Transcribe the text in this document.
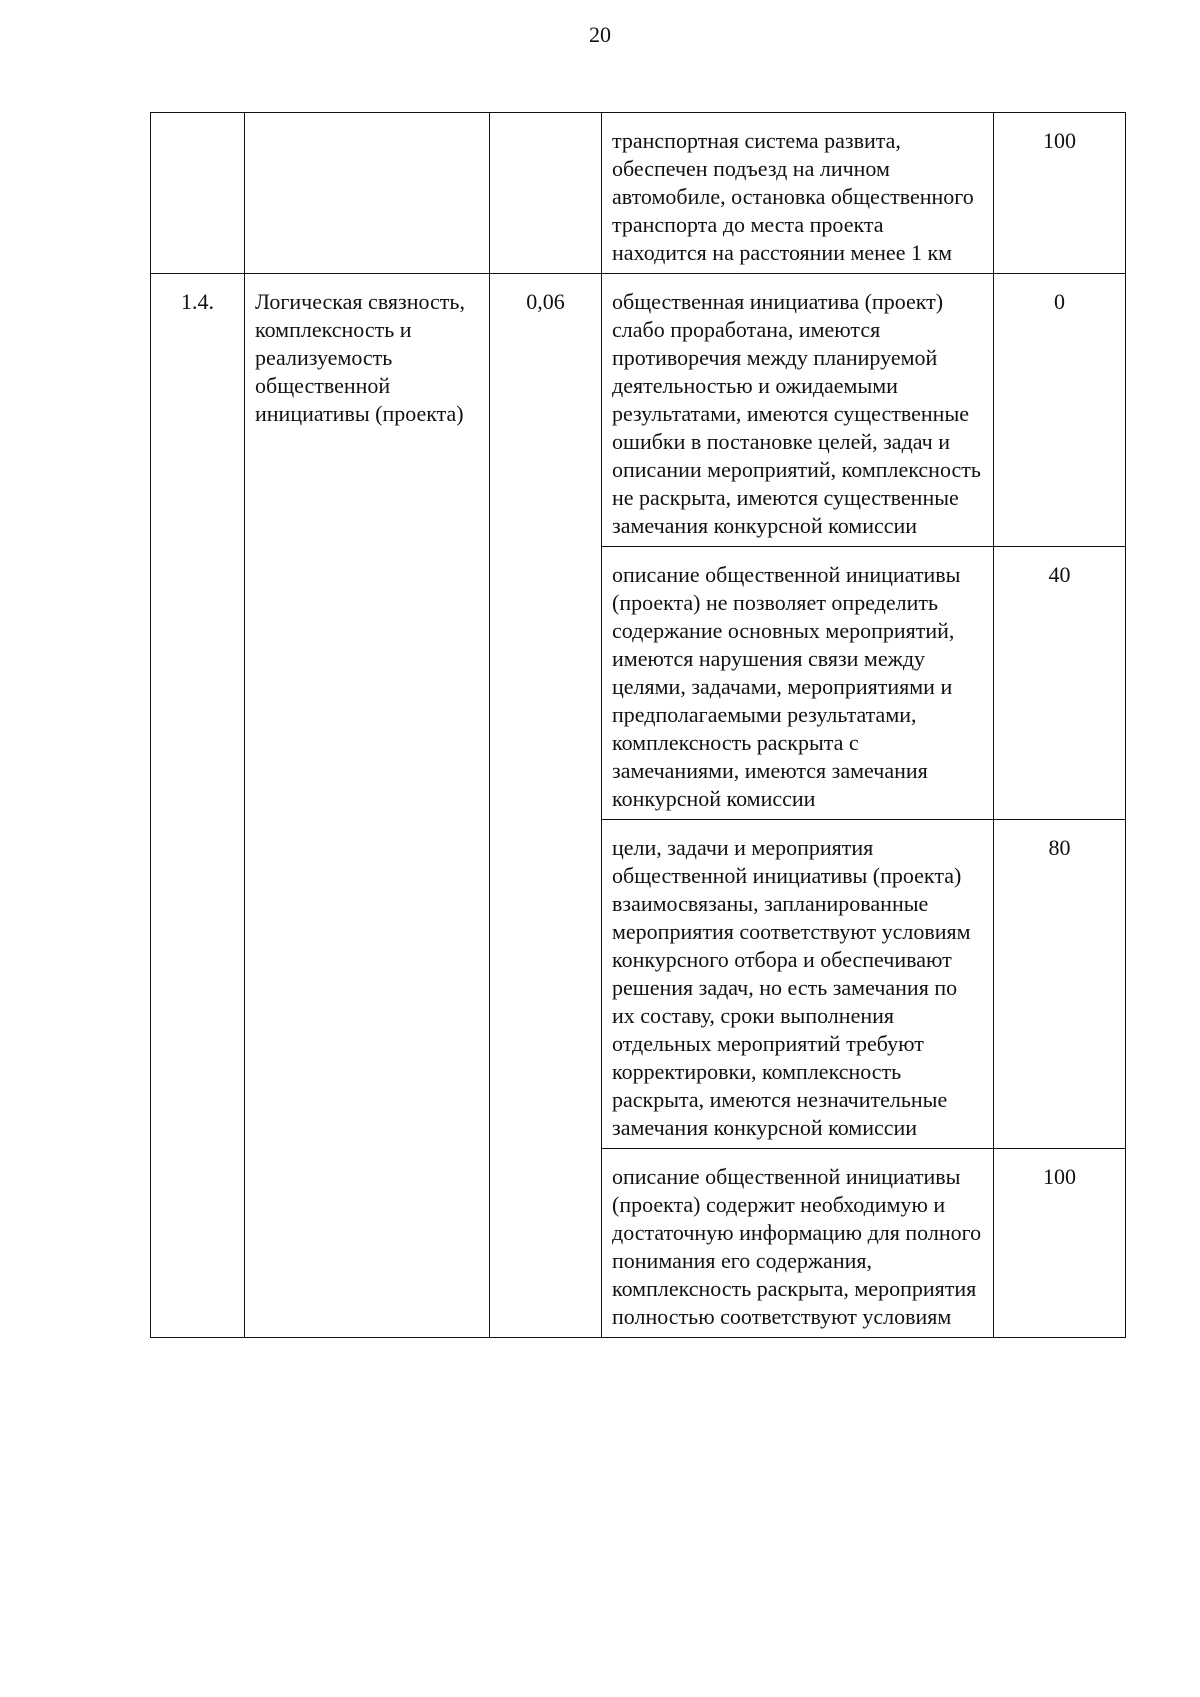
20
			транспортная система развита, обеспечен подъезд на личном автомобиле, остановка общественного транспорта до места проекта находится на расстоянии менее 1 км	100
1.4.	Логическая связность, комплексность и реализуемость общественной инициативы (проекта)	0,06	общественная инициатива (проект) слабо проработана, имеются противоречия между планируемой деятельностью и ожидаемыми результатами, имеются существенные ошибки в постановке целей, задач и описании мероприятий, комплексность не раскрыта, имеются существенные замечания конкурсной комиссии	0
			описание общественной инициативы (проекта) не позволяет определить содержание основных мероприятий, имеются нарушения связи между целями, задачами, мероприятиями и предполагаемыми результатами, комплексность раскрыта с замечаниями, имеются замечания конкурсной комиссии	40
			цели, задачи и мероприятия общественной инициативы (проекта) взаимосвязаны, запланированные мероприятия соответствуют условиям конкурсного отбора и обеспечивают решения задач, но есть замечания по их составу, сроки выполнения отдельных мероприятий требуют корректировки, комплексность раскрыта, имеются незначительные замечания конкурсной комиссии	80
			описание общественной инициативы (проекта) содержит необходимую и достаточную информацию для полного понимания его содержания, комплексность раскрыта, мероприятия полностью соответствуют условиям	100
